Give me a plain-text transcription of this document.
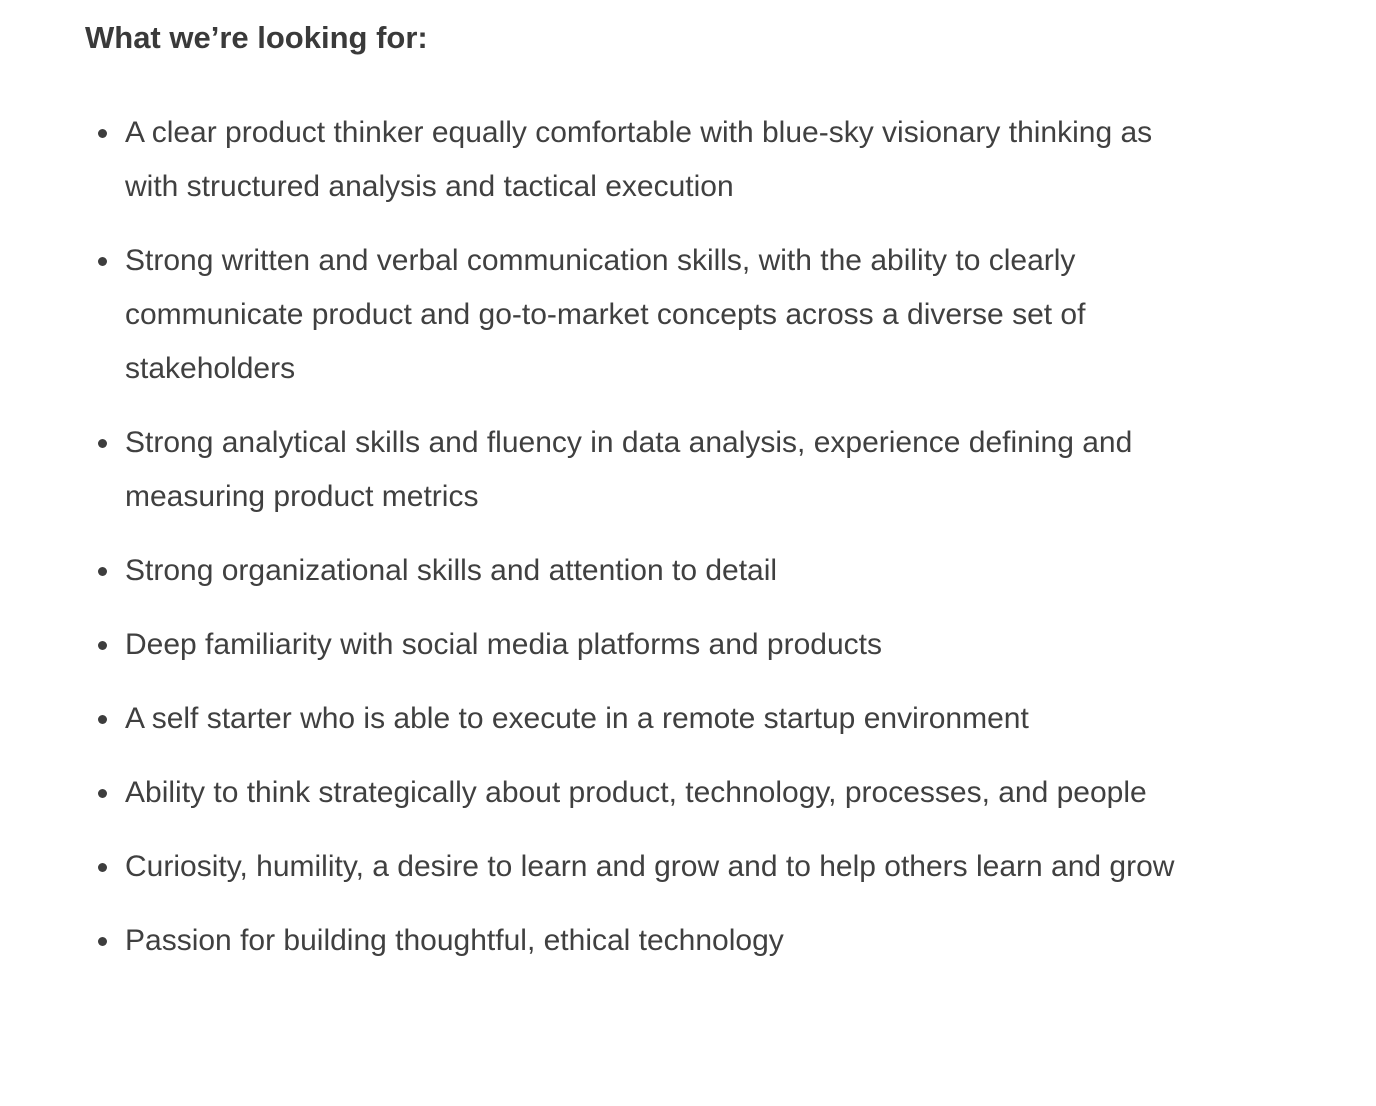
What we’re looking for:
A clear product thinker equally comfortable with blue-sky visionary thinking as with structured analysis and tactical execution
Strong written and verbal communication skills, with the ability to clearly communicate product and go-to-market concepts across a diverse set of stakeholders
Strong analytical skills and fluency in data analysis, experience defining and measuring product metrics
Strong organizational skills and attention to detail
Deep familiarity with social media platforms and products
A self starter who is able to execute in a remote startup environment
Ability to think strategically about product, technology, processes, and people
Curiosity, humility, a desire to learn and grow and to help others learn and grow
Passion for building thoughtful, ethical technology
